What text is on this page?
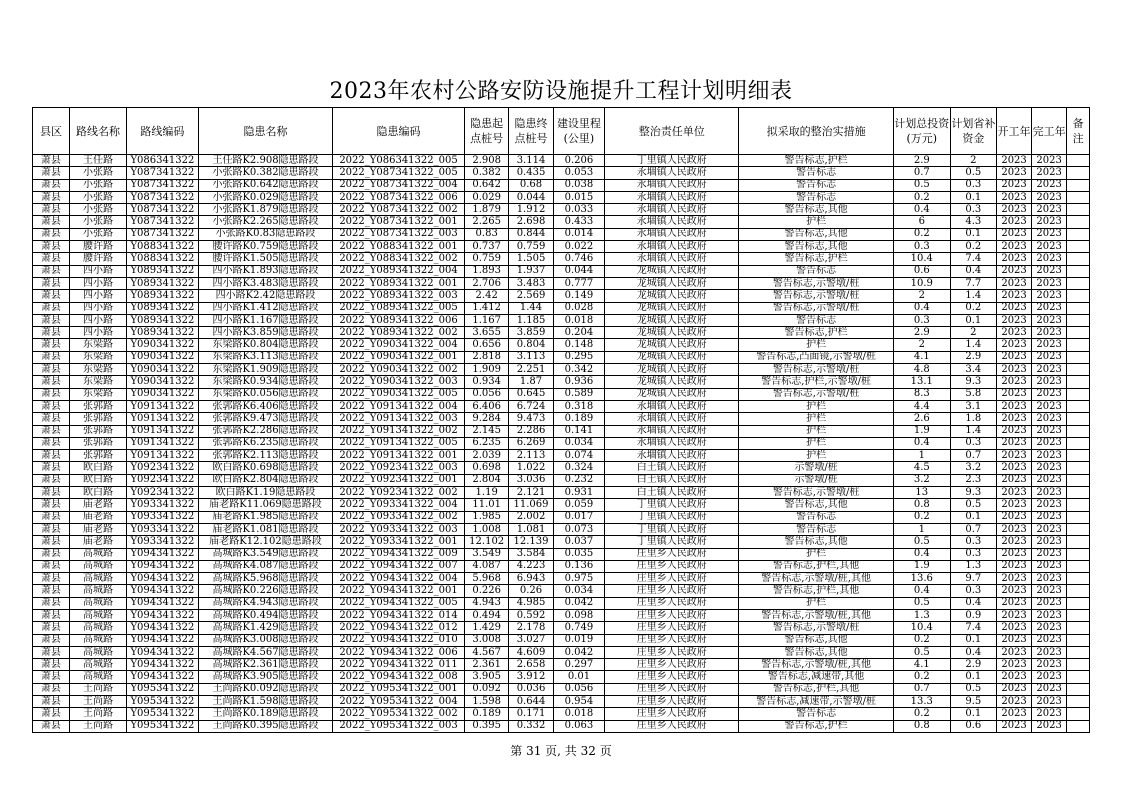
2023年农村公路安防设施提升工程计划明细表
县区	路线名称	路线编码	隐患名称	隐患编码	隐患起点桩号	隐患终点桩号	建设里程(公里)	整治责任单位	拟采取的整治实措施	计划总投资(万元)	计划省补资金	开工年	完工年	备注
萧县	王任路	Y086341322	王任路K2.908隐患路段	2022_Y086341322_005	2.908	3.114	0.206	丁里镇人民政府	警告标志,护栏	2.9	2	2023	2023	
萧县	小张路	Y087341322	小张路K0.382隐患路段	2022_Y087341322_005	0.382	0.435	0.053	永堌镇人民政府	警告标志	0.7	0.5	2023	2023	
萧县	小张路	Y087341322	小张路K0.642隐患路段	2022_Y087341322_004	0.642	0.68	0.038	永堌镇人民政府	警告标志	0.5	0.3	2023	2023	
萧县	小张路	Y087341322	小张路K0.029隐患路段	2022_Y087341322_006	0.029	0.044	0.015	永堌镇人民政府	警告标志	0.2	0.1	2023	2023	
萧县	小张路	Y087341322	小张路K1.879隐患路段	2022_Y087341322_002	1.879	1.912	0.033	永堌镇人民政府	警告标志,其他	0.4	0.3	2023	2023	
萧县	小张路	Y087341322	小张路K2.265隐患路段	2022_Y087341322_001	2.265	2.698	0.433	永堌镇人民政府	护栏	6	4.3	2023	2023	
萧县	小张路	Y087341322	小张路K0.83隐患路段	2022_Y087341322_003	0.83	0.844	0.014	永堌镇人民政府	警告标志,其他	0.2	0.1	2023	2023	
萧县	腰许路	Y088341322	腰许路K0.759隐患路段	2022_Y088341322_001	0.737	0.759	0.022	永堌镇人民政府	警告标志,其他	0.3	0.2	2023	2023	
萧县	腰许路	Y088341322	腰许路K1.505隐患路段	2022_Y088341322_002	0.759	1.505	0.746	永堌镇人民政府	警告标志,护栏	10.4	7.4	2023	2023	
萧县	四小路	Y089341322	四小路K1.893隐患路段	2022_Y089341322_004	1.893	1.937	0.044	龙城镇人民政府	警告标志	0.6	0.4	2023	2023	
萧县	四小路	Y089341322	四小路K3.483隐患路段	2022_Y089341322_001	2.706	3.483	0.777	龙城镇人民政府	警告标志,示警墩/桩	10.9	7.7	2023	2023	
萧县	四小路	Y089341322	四小路K2.42隐患路段	2022_Y089341322_003	2.42	2.569	0.149	龙城镇人民政府	警告标志,示警墩/桩	2	1.4	2023	2023	
萧县	四小路	Y089341322	四小路K1.412隐患路段	2022_Y089341322_005	1.412	1.44	0.028	龙城镇人民政府	警告标志,示警墩/桩	0.4	0.2	2023	2023	
萧县	四小路	Y089341322	四小路K1.167隐患路段	2022_Y089341322_006	1.167	1.185	0.018	龙城镇人民政府	警告标志	0.3	0.1	2023	2023	
萧县	四小路	Y089341322	四小路K3.859隐患路段	2022_Y089341322_002	3.655	3.859	0.204	龙城镇人民政府	警告标志,护栏	2.9	2	2023	2023	
萧县	东梁路	Y090341322	东梁路K0.804隐患路段	2022_Y090341322_004	0.656	0.804	0.148	龙城镇人民政府	护栏	2	1.4	2023	2023	
萧县	东梁路	Y090341322	东梁路K3.113隐患路段	2022_Y090341322_001	2.818	3.113	0.295	龙城镇人民政府	警告标志,凸面镜,示警墩/桩	4.1	2.9	2023	2023	
萧县	东梁路	Y090341322	东梁路K1.909隐患路段	2022_Y090341322_002	1.909	2.251	0.342	龙城镇人民政府	警告标志,示警墩/桩	4.8	3.4	2023	2023	
萧县	东梁路	Y090341322	东梁路K0.934隐患路段	2022_Y090341322_003	0.934	1.87	0.936	龙城镇人民政府	警告标志,护栏,示警墩/桩	13.1	9.3	2023	2023	
萧县	东梁路	Y090341322	东梁路K0.056隐患路段	2022_Y090341322_005	0.056	0.645	0.589	龙城镇人民政府	警告标志,示警墩/桩	8.3	5.8	2023	2023	
萧县	张郭路	Y091341322	张郭路K6.406隐患路段	2022_Y091341322_004	6.406	6.724	0.318	永堌镇人民政府	护栏	4.4	3.1	2023	2023	
萧县	张郭路	Y091341322	张郭路K9.473隐患路段	2022_Y091341322_003	9.284	9.473	0.189	永堌镇人民政府	护栏	2.6	1.8	2023	2023	
萧县	张郭路	Y091341322	张郭路K2.286隐患路段	2022_Y091341322_002	2.145	2.286	0.141	永堌镇人民政府	护栏	1.9	1.4	2023	2023	
萧县	张郭路	Y091341322	张郭路K6.235隐患路段	2022_Y091341322_005	6.235	6.269	0.034	永堌镇人民政府	护栏	0.4	0.3	2023	2023	
萧县	张郭路	Y091341322	张郭路K2.113隐患路段	2022_Y091341322_001	2.039	2.113	0.074	永堌镇人民政府	护栏	1	0.7	2023	2023	
萧县	欧白路	Y092341322	欧白路K0.698隐患路段	2022_Y092341322_003	0.698	1.022	0.324	白土镇人民政府	示警墩/桩	4.5	3.2	2023	2023	
萧县	欧白路	Y092341322	欧白路K2.804隐患路段	2022_Y092341322_001	2.804	3.036	0.232	白土镇人民政府	示警墩/桩	3.2	2.3	2023	2023	
萧县	欧白路	Y092341322	欧白路K1.19隐患路段	2022_Y092341322_002	1.19	2.121	0.931	白土镇人民政府	警告标志,示警墩/桩	13	9.3	2023	2023	
萧县	庙老路	Y093341322	庙老路K11.069隐患路段	2022_Y093341322_004	11.01	11.069	0.059	丁里镇人民政府	警告标志,其他	0.8	0.5	2023	2023	
萧县	庙老路	Y093341322	庙老路K1.985隐患路段	2022_Y093341322_002	1.985	2.002	0.017	丁里镇人民政府	警告标志	0.2	0.1	2023	2023	
萧县	庙老路	Y093341322	庙老路K1.081隐患路段	2022_Y093341322_003	1.008	1.081	0.073	丁里镇人民政府	警告标志	1	0.7	2023	2023	
萧县	庙老路	Y093341322	庙老路K12.102隐患路段	2022_Y093341322_001	12.102	12.139	0.037	丁里镇人民政府	警告标志,其他	0.5	0.3	2023	2023	
萧县	高城路	Y094341322	高城路K3.549隐患路段	2022_Y094341322_009	3.549	3.584	0.035	庄里乡人民政府	护栏	0.4	0.3	2023	2023	
萧县	高城路	Y094341322	高城路K4.087隐患路段	2022_Y094341322_007	4.087	4.223	0.136	庄里乡人民政府	警告标志,护栏,其他	1.9	1.3	2023	2023	
萧县	高城路	Y094341322	高城路K5.968隐患路段	2022_Y094341322_004	5.968	6.943	0.975	庄里乡人民政府	警告标志,示警墩/桩,其他	13.6	9.7	2023	2023	
萧县	高城路	Y094341322	高城路K0.226隐患路段	2022_Y094341322_001	0.226	0.26	0.034	庄里乡人民政府	警告标志,护栏,其他	0.4	0.3	2023	2023	
萧县	高城路	Y094341322	高城路K4.943隐患路段	2022_Y094341322_005	4.943	4.985	0.042	庄里乡人民政府	护栏	0.5	0.4	2023	2023	
萧县	高城路	Y094341322	高城路K0.494隐患路段	2022_Y094341322_014	0.494	0.592	0.098	庄里乡人民政府	警告标志,示警墩/桩,其他	1.3	0.9	2023	2023	
萧县	高城路	Y094341322	高城路K1.429隐患路段	2022_Y094341322_012	1.429	2.178	0.749	庄里乡人民政府	警告标志,示警墩/桩	10.4	7.4	2023	2023	
萧县	高城路	Y094341322	高城路K3.008隐患路段	2022_Y094341322_010	3.008	3.027	0.019	庄里乡人民政府	警告标志,其他	0.2	0.1	2023	2023	
萧县	高城路	Y094341322	高城路K4.567隐患路段	2022_Y094341322_006	4.567	4.609	0.042	庄里乡人民政府	警告标志,其他	0.5	0.4	2023	2023	
萧县	高城路	Y094341322	高城路K2.361隐患路段	2022_Y094341322_011	2.361	2.658	0.297	庄里乡人民政府	警告标志,示警墩/桩,其他	4.1	2.9	2023	2023	
萧县	高城路	Y094341322	高城路K3.905隐患路段	2022_Y094341322_008	3.905	3.912	0.01	庄里乡人民政府	警告标志,减速带,其他	0.2	0.1	2023	2023	
萧县	王尚路	Y095341322	王尚路K0.092隐患路段	2022_Y095341322_001	0.092	0.036	0.056	庄里乡人民政府	警告标志,护栏,其他	0.7	0.5	2023	2023	
萧县	王尚路	Y095341322	王尚路K1.598隐患路段	2022_Y095341322_004	1.598	0.644	0.954	庄里乡人民政府	警告标志,减速带,示警墩/桩	13.3	9.5	2023	2023	
萧县	王尚路	Y095341322	王尚路K0.189隐患路段	2022_Y095341322_002	0.189	0.171	0.018	庄里乡人民政府	警告标志	0.2	0.1	2023	2023	
萧县	王尚路	Y095341322	王尚路K0.395隐患路段	2022_Y095341322_003	0.395	0.332	0.063	庄里乡人民政府	警告标志,护栏	0.8	0.6	2023	2023	
第 31 页, 共 32 页
